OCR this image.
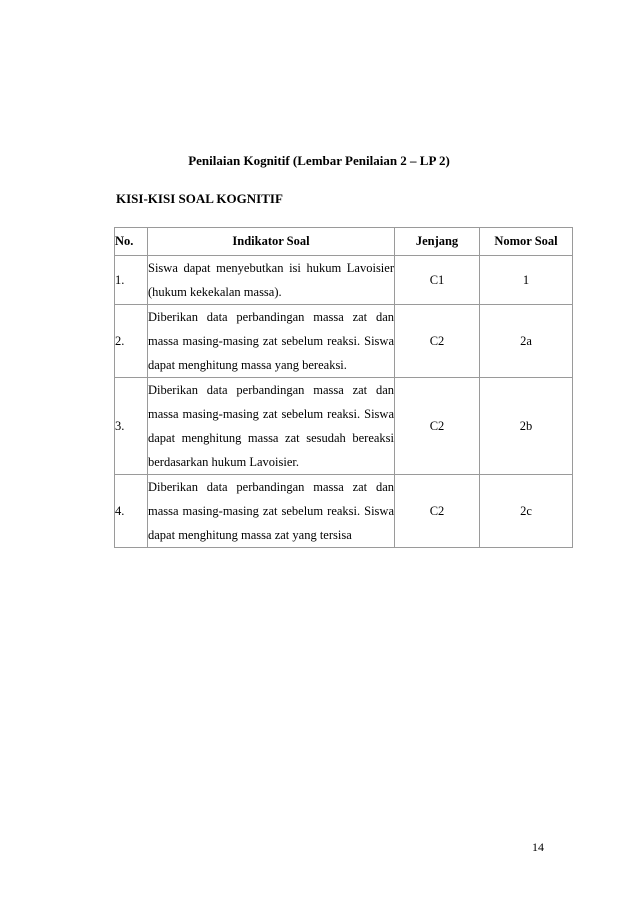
Penilaian Kognitif (Lembar Penilaian 2 – LP 2)
KISI-KISI SOAL KOGNITIF
No.	Indikator Soal	Jenjang	Nomor Soal
1.	Siswa dapat menyebutkan isi hukum Lavoisier (hukum kekekalan massa).	C1	1
2.	Diberikan data perbandingan massa zat dan massa masing-masing zat sebelum reaksi. Siswa dapat menghitung massa yang bereaksi.	C2	2a
3.	Diberikan data perbandingan massa zat dan massa masing-masing zat sebelum reaksi. Siswa dapat menghitung massa zat sesudah bereaksi berdasarkan hukum Lavoisier.	C2	2b
4.	Diberikan data perbandingan massa zat dan massa masing-masing zat sebelum reaksi. Siswa dapat menghitung massa zat yang tersisa	C2	2c
14
